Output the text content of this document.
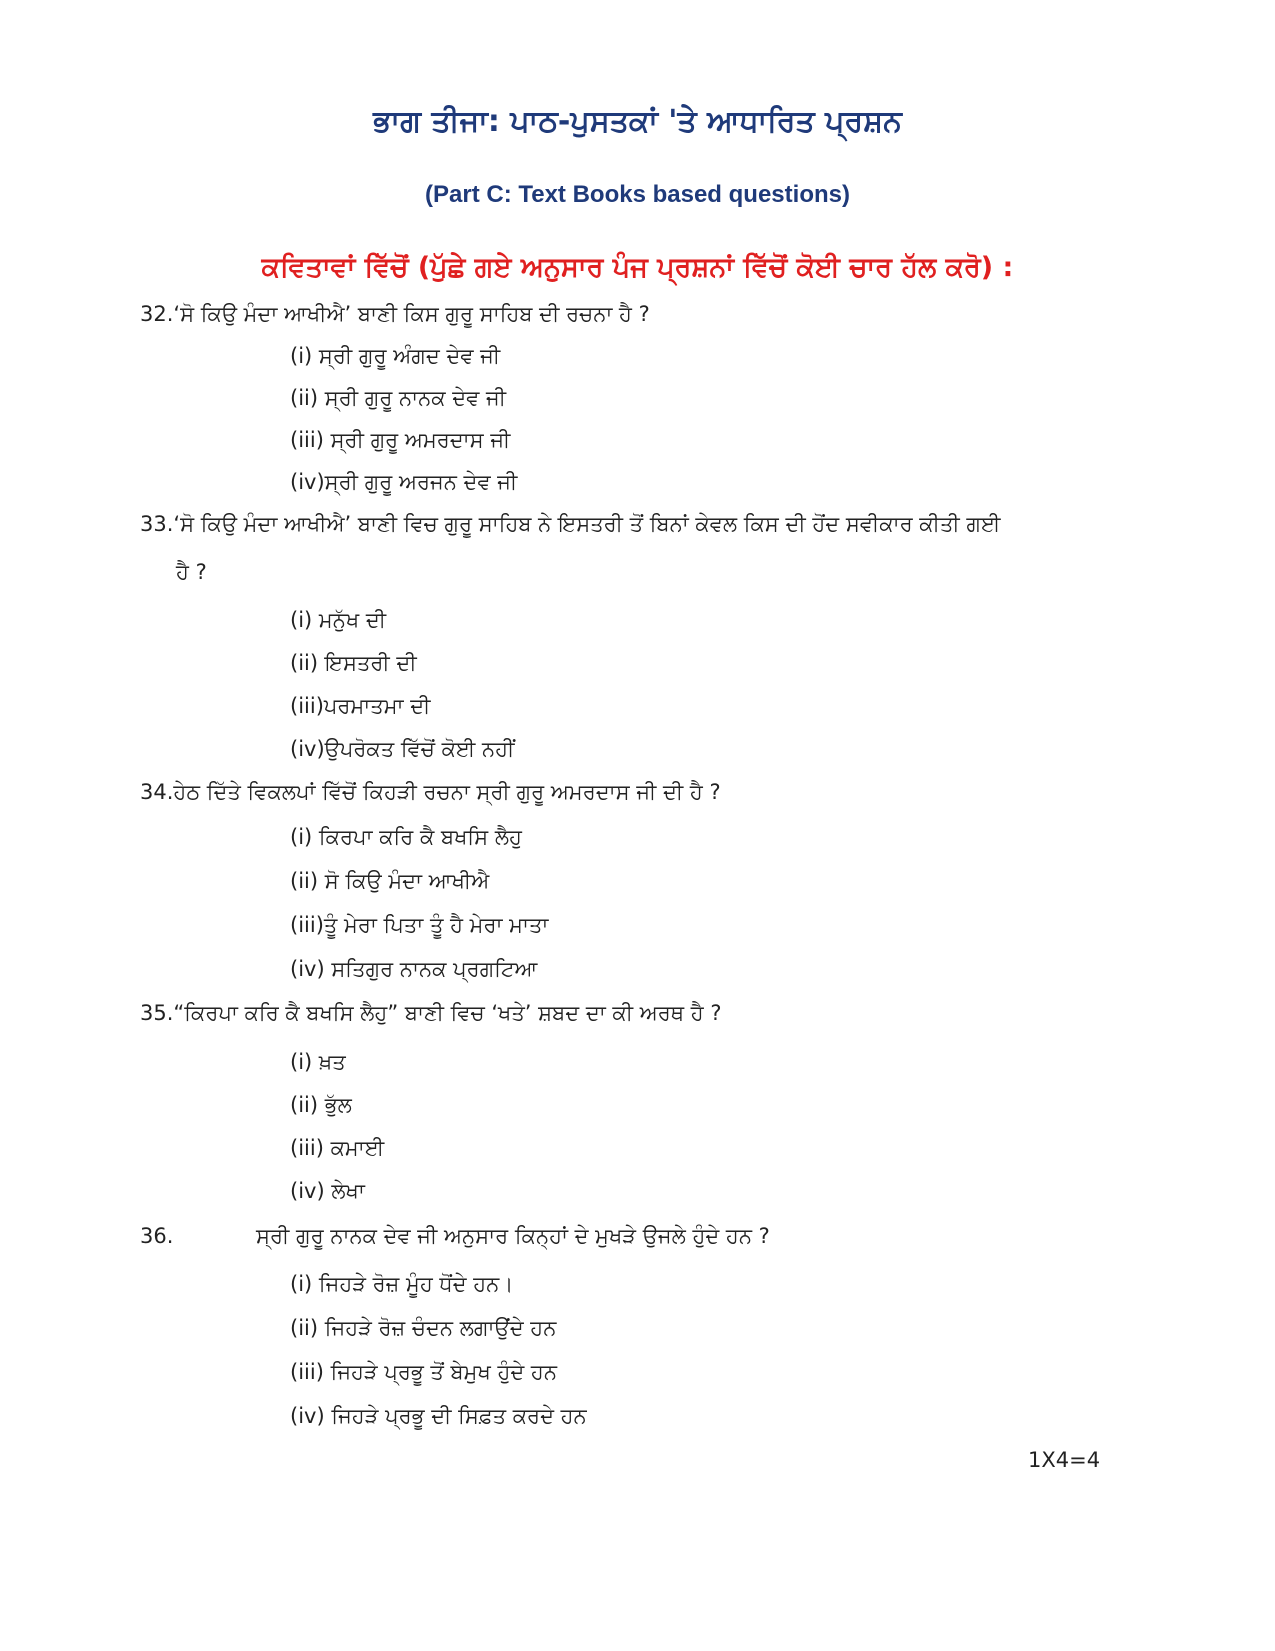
ਭਾਗ ਤੀਜਾ: ਪਾਠ-ਪੁਸਤਕਾਂ 'ਤੇ ਆਧਾਰਿਤ ਪ੍ਰਸ਼ਨ
(Part C: Text Books based questions)
ਕਵਿਤਾਵਾਂ ਵਿੱਚੋਂ (ਪੁੱਛੇ ਗਏ ਅਨੁਸਾਰ ਪੰਜ ਪ੍ਰਸ਼ਨਾਂ ਵਿੱਚੋਂ ਕੋਈ ਚਾਰ ਹੱਲ ਕਰੋ) :
32.‘ਸੋ ਕਿਉ ਮੰਦਾ ਆਖੀਐ’ ਬਾਣੀ ਕਿਸ ਗੁਰੂ ਸਾਹਿਬ ਦੀ ਰਚਨਾ ਹੈ ?
(i) ਸ੍ਰੀ ਗੁਰੂ ਅੰਗਦ ਦੇਵ ਜੀ
(ii) ਸ੍ਰੀ ਗੁਰੂ ਨਾਨਕ ਦੇਵ ਜੀ
(iii) ਸ੍ਰੀ ਗੁਰੂ ਅਮਰਦਾਸ ਜੀ
(iv)ਸ੍ਰੀ ਗੁਰੂ ਅਰਜਨ ਦੇਵ ਜੀ
33.‘ਸੋ ਕਿਉ ਮੰਦਾ ਆਖੀਐ’ ਬਾਣੀ ਵਿਚ ਗੁਰੂ ਸਾਹਿਬ ਨੇ ਇਸਤਰੀ ਤੋਂ ਬਿਨਾਂ ਕੇਵਲ ਕਿਸ ਦੀ ਹੋਂਦ ਸਵੀਕਾਰ ਕੀਤੀ ਗਈ
ਹੈ ?
(i) ਮਨੁੱਖ ਦੀ
(ii) ਇਸਤਰੀ ਦੀ
(iii)ਪਰਮਾਤਮਾ ਦੀ
(iv)ਉਪਰੋਕਤ ਵਿੱਚੋਂ ਕੋਈ ਨਹੀਂ
34.ਹੇਠ ਦਿੱਤੇ ਵਿਕਲਪਾਂ ਵਿੱਚੋਂ ਕਿਹੜੀ ਰਚਨਾ ਸ੍ਰੀ ਗੁਰੂ ਅਮਰਦਾਸ ਜੀ ਦੀ ਹੈ ?
(i) ਕਿਰਪਾ ਕਰਿ ਕੈ ਬਖਸਿ ਲੈਹੁ
(ii) ਸੋ ਕਿਉ ਮੰਦਾ ਆਖੀਐ
(iii)ਤੂੰ ਮੇਰਾ ਪਿਤਾ ਤੂੰ ਹੈ ਮੇਰਾ ਮਾਤਾ
(iv) ਸਤਿਗੁਰ ਨਾਨਕ ਪ੍ਰਗਟਿਆ
35.“ਕਿਰਪਾ ਕਰਿ ਕੈ ਬਖਸਿ ਲੈਹੁ” ਬਾਣੀ ਵਿਚ ‘ਖਤੇ’ ਸ਼ਬਦ ਦਾ ਕੀ ਅਰਥ ਹੈ ?
(i) ਖ਼ਤ
(ii) ਭੁੱਲ
(iii) ਕਮਾਈ
(iv) ਲੇਖਾ
36.	ਸ੍ਰੀ ਗੁਰੂ ਨਾਨਕ ਦੇਵ ਜੀ ਅਨੁਸਾਰ ਕਿਨ੍ਹਾਂ ਦੇ ਮੁਖੜੇ ਉਜਲੇ ਹੁੰਦੇ ਹਨ ?
(i) ਜਿਹੜੇ ਰੋਜ਼ ਮੂੰਹ ਧੋਂਦੇ ਹਨ।
(ii) ਜਿਹੜੇ ਰੋਜ਼ ਚੰਦਨ ਲਗਾਉਂਦੇ ਹਨ
(iii) ਜਿਹੜੇ ਪ੍ਰਭੂ ਤੋਂ ਬੇਮੁਖ ਹੁੰਦੇ ਹਨ
(iv) ਜਿਹੜੇ ਪ੍ਰਭੂ ਦੀ ਸਿਫ਼ਤ ਕਰਦੇ ਹਨ
1X4=4
